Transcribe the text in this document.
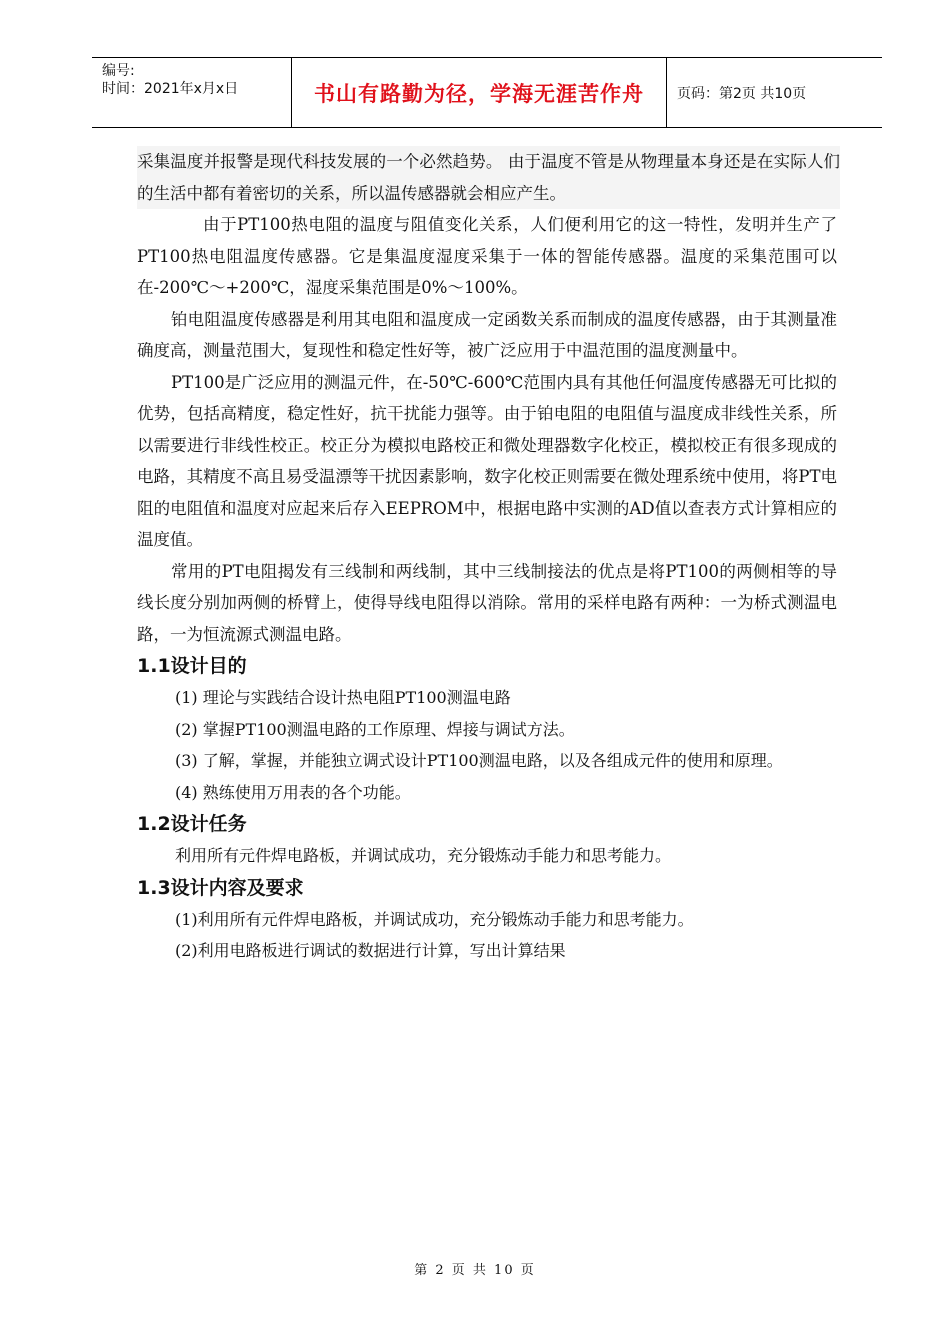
编号:
时间：2021年x月x日	书山有路勤为径，学海无涯苦作舟	页码：第2页 共10页

采集温度并报警是现代科技发展的一个必然趋势。 由于温度不管是从物理量本身还是在实际人们的生活中都有着密切的关系，所以温传感器就会相应产生。

由于PT100热电阻的温度与阻值变化关系，人们便利用它的这一特性，发明并生产了PT100热电阻温度传感器。它是集温度湿度采集于一体的智能传感器。温度的采集范围可以在-200℃～+200℃，湿度采集范围是0%～100%。

铂电阻温度传感器是利用其电阻和温度成一定函数关系而制成的温度传感器，由于其测量准确度高，测量范围大，复现性和稳定性好等，被广泛应用于中温范围的温度测量中。

PT100是广泛应用的测温元件，在-50℃-600℃范围内具有其他任何温度传感器无可比拟的优势，包括高精度，稳定性好，抗干扰能力强等。由于铂电阻的电阻值与温度成非线性关系，所以需要进行非线性校正。校正分为模拟电路校正和微处理器数字化校正，模拟校正有很多现成的电路，其精度不高且易受温漂等干扰因素影响，数字化校正则需要在微处理系统中使用，将PT电阻的电阻值和温度对应起来后存入EEPROM中，根据电路中实测的AD值以查表方式计算相应的温度值。

常用的PT电阻揭发有三线制和两线制，其中三线制接法的优点是将PT100的两侧相等的导线长度分别加两侧的桥臂上，使得导线电阻得以消除。常用的采样电路有两种：一为桥式测温电路，一为恒流源式测温电路。

1.1设计目的

(1) 理论与实践结合设计热电阻PT100测温电路

(2) 掌握PT100测温电路的工作原理、焊接与调试方法。

(3) 了解，掌握，并能独立调式设计PT100测温电路，以及各组成元件的使用和原理。

(4) 熟练使用万用表的各个功能。

1.2设计任务

利用所有元件焊电路板，并调试成功，充分锻炼动手能力和思考能力。

1.3设计内容及要求

(1)利用所有元件焊电路板，并调试成功，充分锻炼动手能力和思考能力。

(2)利用电路板进行调试的数据进行计算，写出计算结果

第 2 页 共 10 页
